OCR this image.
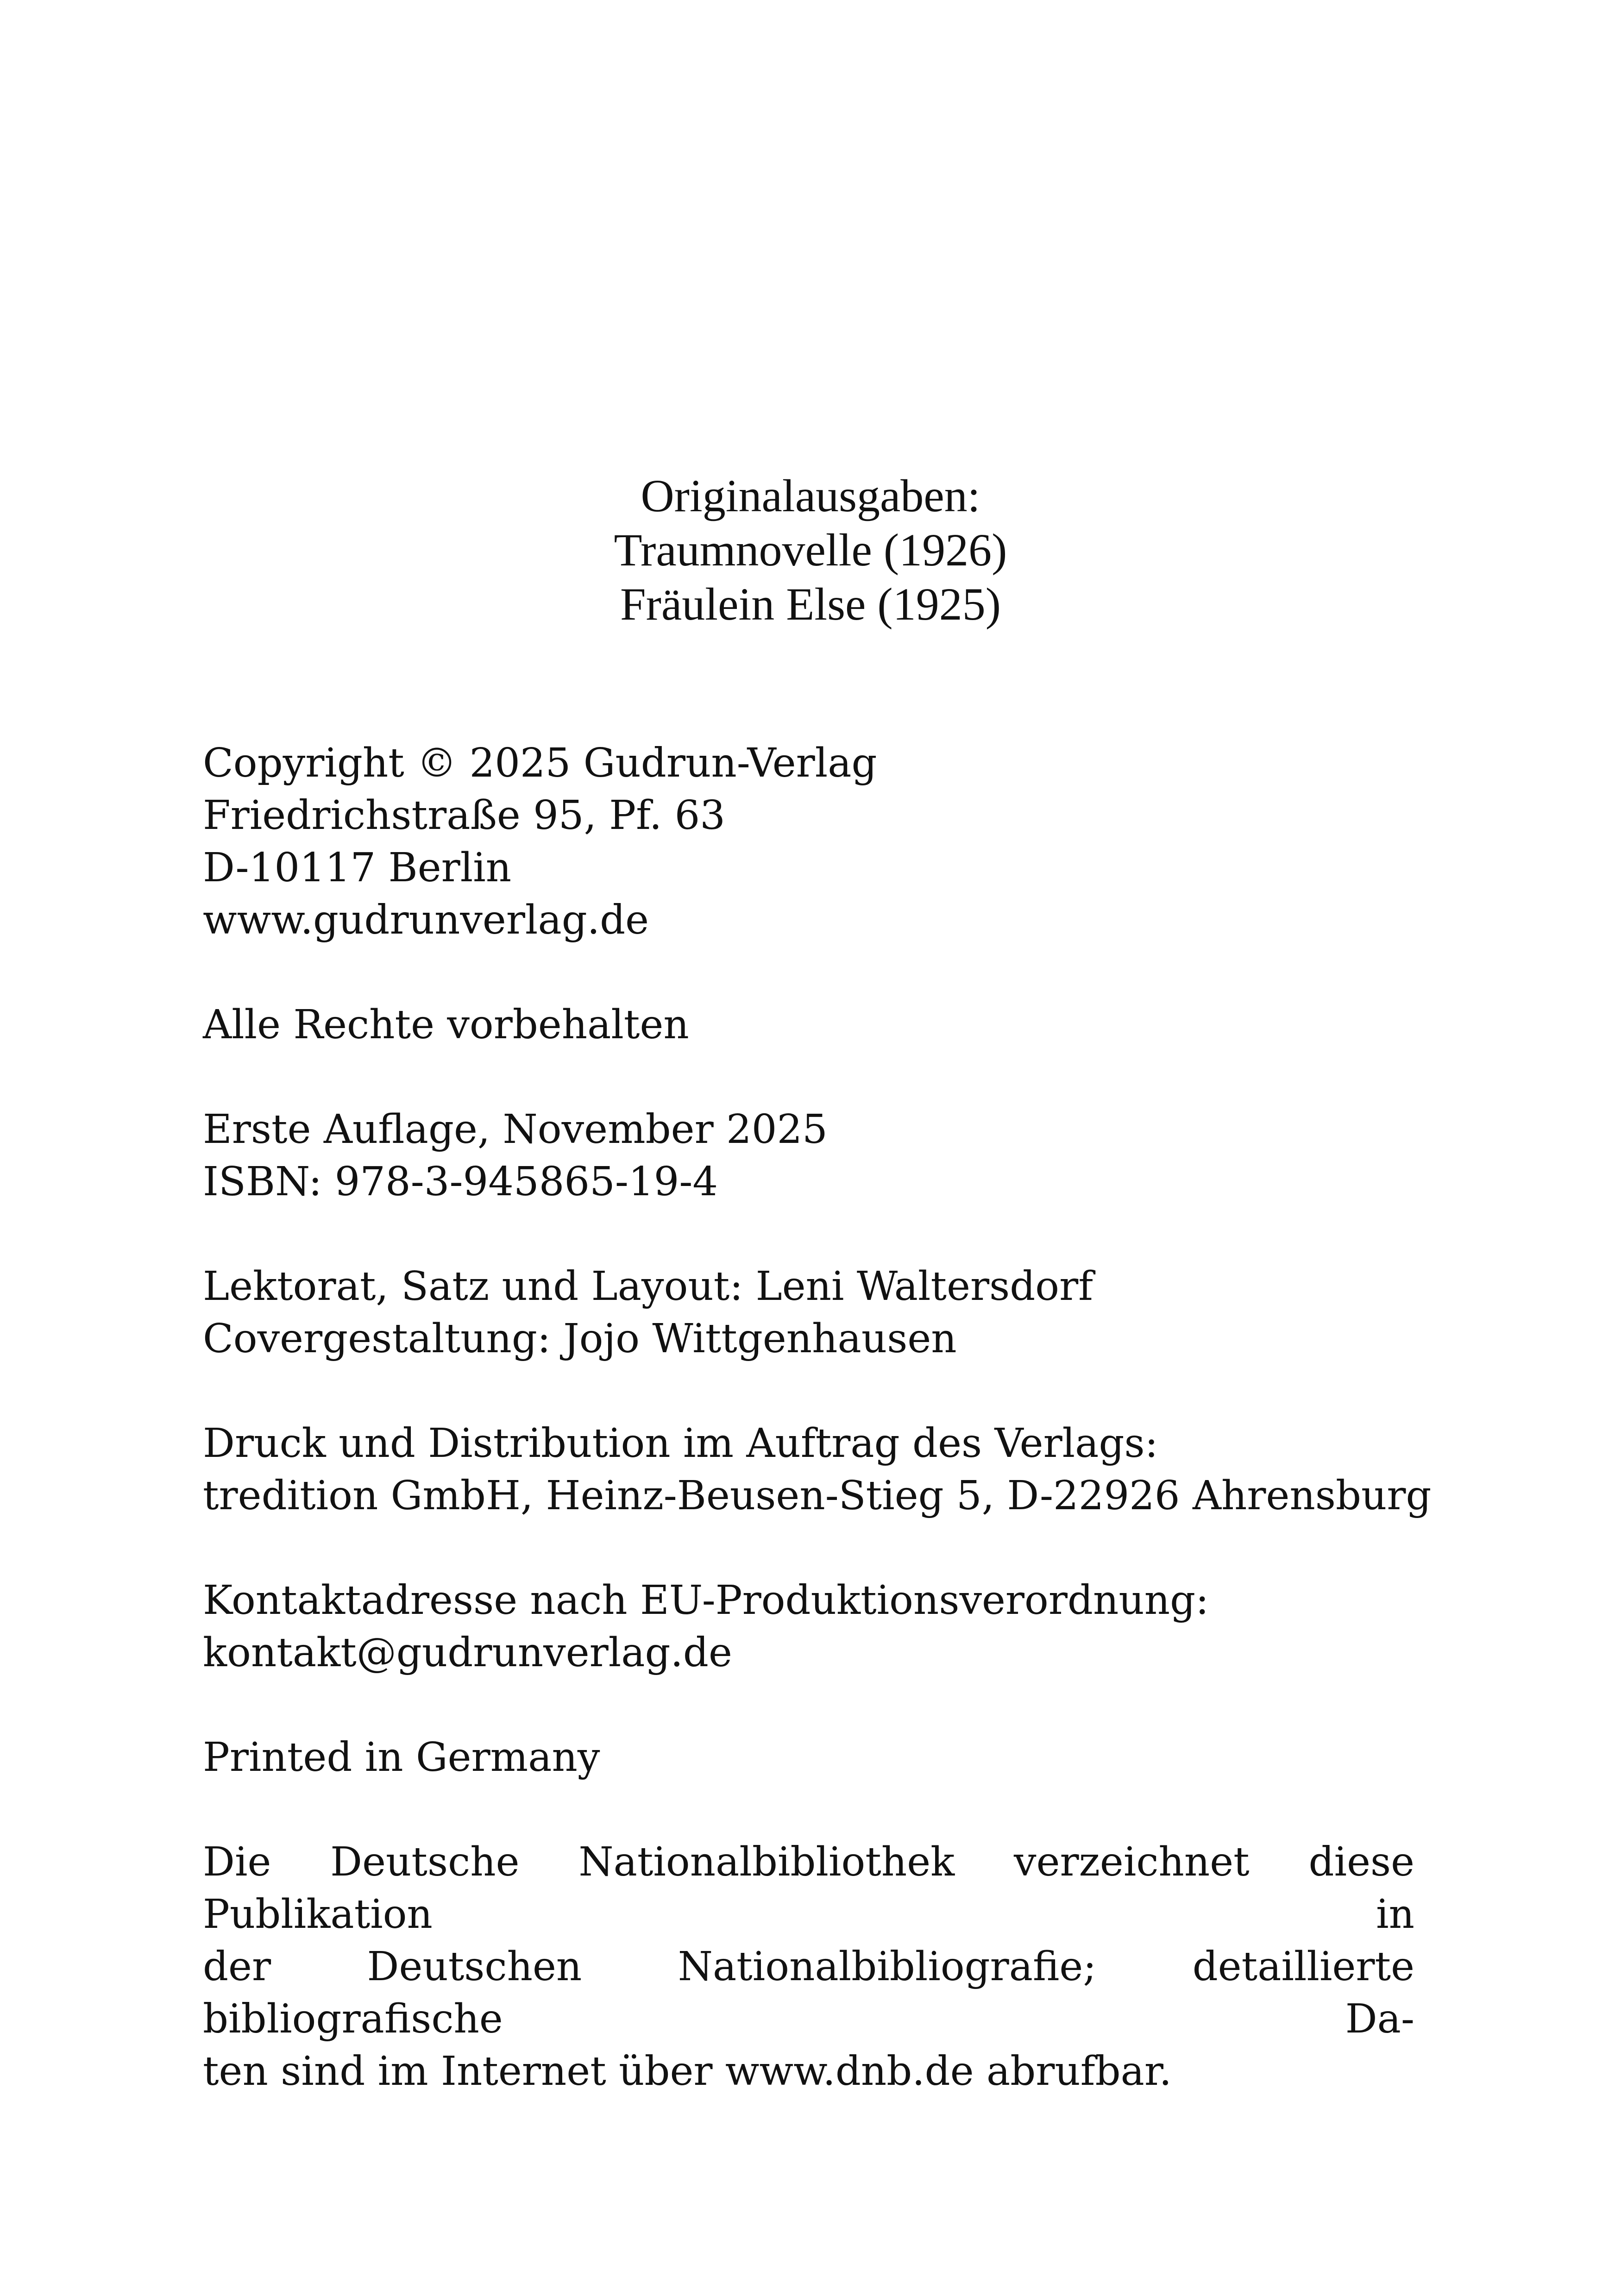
Originalausgaben:
Traumnovelle (1926)
Fräulein Else (1925)
Copyright © 2025 Gudrun-Verlag
Friedrichstraße 95, Pf. 63
D-10117 Berlin
www.gudrunverlag.de
Alle Rechte vorbehalten
Erste Auflage, November 2025
ISBN: 978-3-945865-19-4
Lektorat, Satz und Layout: Leni Waltersdorf
Covergestaltung: Jojo Wittgenhausen
Druck und Distribution im Auftrag des Verlags:
tredition GmbH, Heinz-Beusen-Stieg 5, D-22926 Ahrensburg
Kontaktadresse nach EU-Produktionsverordnung:
kontakt@gudrunverlag.de
Printed in Germany
Die Deutsche Nationalbibliothek verzeichnet diese Publikation in
der Deutschen Nationalbibliografie; detaillierte bibliografische Da-
ten sind im Internet über www.dnb.de abrufbar.
